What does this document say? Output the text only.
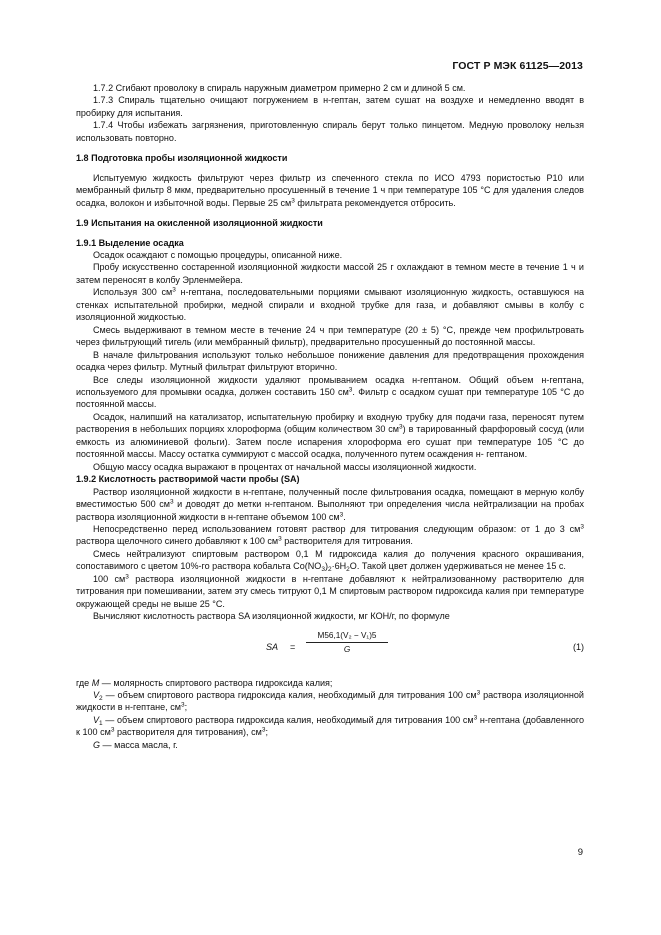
ГОСТ Р МЭК 61125—2013

1.7.2 Сгибают проволоку в спираль наружным диаметром примерно 2 см и длиной 5 см.

1.7.3 Спираль тщательно очищают погружением в н-гептан, затем сушат на воздухе и немедленно вводят в пробирку для испытания.

1.7.4 Чтобы избежать загрязнения, приготовленную спираль берут только пинцетом. Медную проволоку нельзя использовать повторно.

1.8 Подготовка пробы изоляционной жидкости

Испытуемую жидкость фильтруют через фильтр из спеченного стекла по ИСО 4793 пористостью P10 или мембранный фильтр 8 мкм, предварительно просушенный в течение 1 ч при температуре 105 °С для удаления следов осадка, волокон и избыточной воды. Первые 25 $см^3$ фильтрата рекомендуется отбросить.

1.9 Испытания на окисленной изоляционной жидкости

1.9.1 Выделение осадка

Осадок осаждают с помощью процедуры, описанной ниже.

Пробу искусственно состаренной изоляционной жидкости массой 25 г охлаждают в темном месте в течение 1 ч и затем переносят в колбу Эрленмейера.

Используя 300 $см^3$ н-гептана, последовательными порциями смывают изоляционную жидкость, оставшуюся на стенках испытательной пробирки, медной спирали и входной трубке для газа, и добавляют смывы в колбу с изоляционной жидкостью.

Смесь выдерживают в темном месте в течение 24 ч при температуре (20 ± 5) °С, прежде чем профильтровать через фильтрующий тигель (или мембранный фильтр), предварительно просушенный до постоянной массы.

В начале фильтрования используют только небольшое понижение давления для предотвращения прохождения осадка через фильтр. Мутный фильтрат фильтруют вторично.

Все следы изоляционной жидкости удаляют промыванием осадка н-гептаном. Общий объем н-гептана, используемого для промывки осадка, должен составить 150 $см^3$. Фильтр с осадком сушат при температуре 105 °С до постоянной массы.

Осадок, налипший на катализатор, испытательную пробирку и входную трубку для подачи газа, переносят путем растворения в небольших порциях хлороформа (общим количеством 30 $см^3$) в тарированный фарфоровый сосуд (или емкость из алюминиевой фольги). Затем после испарения хлороформа его сушат при температуре 105 °С до постоянной массы. Массу остатка суммируют с массой осадка, полученного путем осаждения н- гептаном.

Общую массу осадка выражают в процентах от начальной массы изоляционной жидкости.

1.9.2 Кислотность растворимой части пробы (SA)

Раствор изоляционной жидкости в н-гептане, полученный после фильтрования осадка, помещают в мерную колбу вместимостью 500 $см^3$ и доводят до метки н-гептаном. Выполняют три определения числа нейтрализации на пробах раствора изоляционной жидкости в н-гептане объемом 100 $см^3$.

Непосредственно перед использованием готовят раствор для титрования следующим образом: от 1 до 3 $см^3$ раствора щелочного синего добавляют к 100 $см^3$ растворителя для титрования.

Смесь нейтрализуют спиртовым раствором 0,1 М гидроксида калия до получения красного окрашивания, сопоставимого с цветом 10%-го раствора кобальта $Co(NO_3)_2\cdot 6H_2O$. Такой цвет должен удерживаться не менее 15 с.

100 $см^3$ раствора изоляционной жидкости в н-гептане добавляют к нейтрализованному растворителю для титрования при помешивании, затем эту смесь титруют 0,1 М спиртовым раствором гидроксида калия при температуре окружающей среды не выше 25 °С.

Вычисляют кислотность раствора SA изоляционной жидкости, мг КОН/г, по формуле

SA = $\frac{\text{M56,1(V₂ − V₁)5}}{G}$	(1)

где M — молярность спиртового раствора гидроксида калия;

$V_2$ — объем спиртового раствора гидроксида калия, необходимый для титрования 100 $см^3$ раствора изоляционной жидкости в н-гептане, $см^3$;

$V_1$ — объем спиртового раствора гидроксида калия, необходимый для титрования 100 $см^3$ н-гептана (добавленного к 100 $см^3$ растворителя для титрования), $см^3$;

G — масса масла, г.

9
